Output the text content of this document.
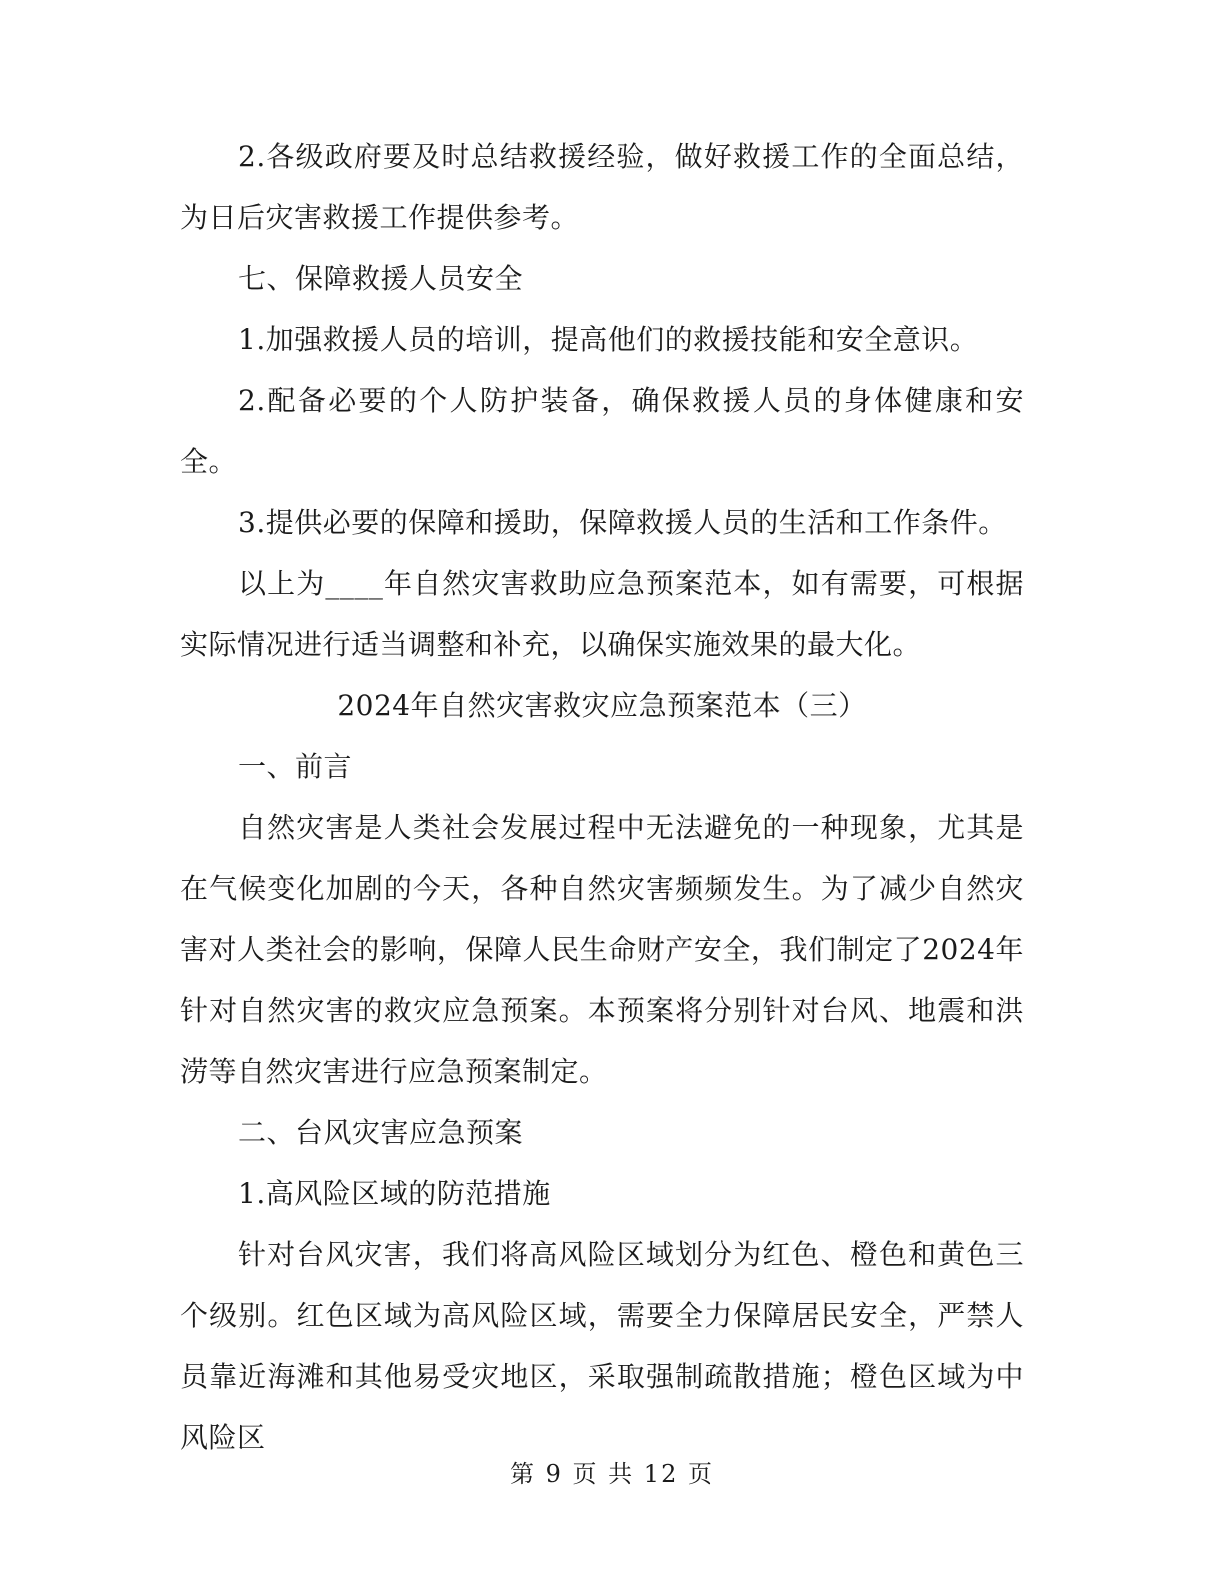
2.各级政府要及时总结救援经验，做好救援工作的全面总结，为日后灾害救援工作提供参考。

七、保障救援人员安全

1.加强救援人员的培训，提高他们的救援技能和安全意识。

2.配备必要的个人防护装备，确保救援人员的身体健康和安全。

3.提供必要的保障和援助，保障救援人员的生活和工作条件。

以上为____年自然灾害救助应急预案范本，如有需要，可根据实际情况进行适当调整和补充，以确保实施效果的最大化。

2024年自然灾害救灾应急预案范本（三）

一、前言

自然灾害是人类社会发展过程中无法避免的一种现象，尤其是在气候变化加剧的今天，各种自然灾害频频发生。为了减少自然灾害对人类社会的影响，保障人民生命财产安全，我们制定了2024年针对自然灾害的救灾应急预案。本预案将分别针对台风、地震和洪涝等自然灾害进行应急预案制定。

二、台风灾害应急预案

1.高风险区域的防范措施

针对台风灾害，我们将高风险区域划分为红色、橙色和黄色三个级别。红色区域为高风险区域，需要全力保障居民安全，严禁人员靠近海滩和其他易受灾地区，采取强制疏散措施；橙色区域为中风险区

第 9 页 共 12 页
